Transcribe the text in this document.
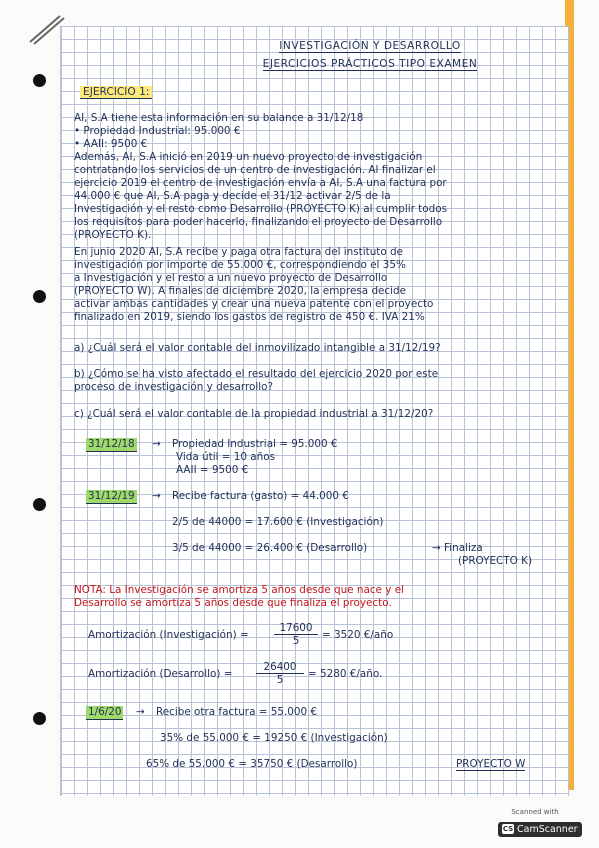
INVESTIGACIÓN Y DESARROLLO
EJERCICIOS PRÁCTICOS TIPO EXAMEN
EJERCICIO 1:
AI, S.A tiene esta información en su balance a 31/12/18
• Propiedad Industrial: 95.000 €
• AAII: 9500 €
Además, AI, S.A inició en 2019 un nuevo proyecto de investigación
contratando los servicios de un centro de investigación. Al finalizar el
ejercicio 2019 el centro de investigación envía a AI, S.A una factura por
44.000 € que AI, S.A paga y decide el 31/12 activar 2/5 de la
Investigación y el resto como Desarrollo (PROYECTO K) al cumplir todos
los requisitos para poder hacerlo, finalizando el proyecto de Desarrollo
(PROYECTO K).
En junio 2020 AI, S.A recibe y paga otra factura del instituto de
investigación por importe de 55.000 €, correspondiendo el 35%
a Investigación y el resto a un nuevo proyecto de Desarrollo
(PROYECTO W). A finales de diciembre 2020, la empresa decide
activar ambas cantidades y crear una nueva patente con el proyecto
finalizado en 2019, siendo los gastos de registro de 450 €. IVA 21%
a) ¿Cuál será el valor contable del inmovilizado intangible a 31/12/19?
b) ¿Cómo se ha visto afectado el resultado del ejercicio 2020 por este
proceso de investigación y desarrollo?
c) ¿Cuál será el valor contable de la propiedad industrial a 31/12/20?
31/12/18 →	Propiedad Industrial = 95.000 €
Vida útil = 10 años
AAII = 9500 €
31/12/19 →	Recibe factura (gasto) = 44.000 €
2/5 de 44000 = 17.600 € (Investigación)
3/5 de 44000 = 26.400 € (Desarrollo)	→ Finaliza
(PROYECTO K)
NOTA: La Investigación se amortiza 5 años desde que nace y el
Desarrollo se amortiza 5 años desde que finaliza el proyecto.
Amortización (Investigación) =	$\frac{17600}{5} = 3520$ €/año
Amortización (Desarrollo) =	$\frac{26400}{5} = 5280$ €/año.
1/6/20 →	Recibe otra factura = 55.000 €
35% de 55.000 € = 19250 € (Investigación)
65% de 55.000 € = 35750 € (Desarrollo)	PROYECTO W
Scanned with
CS CamScanner
